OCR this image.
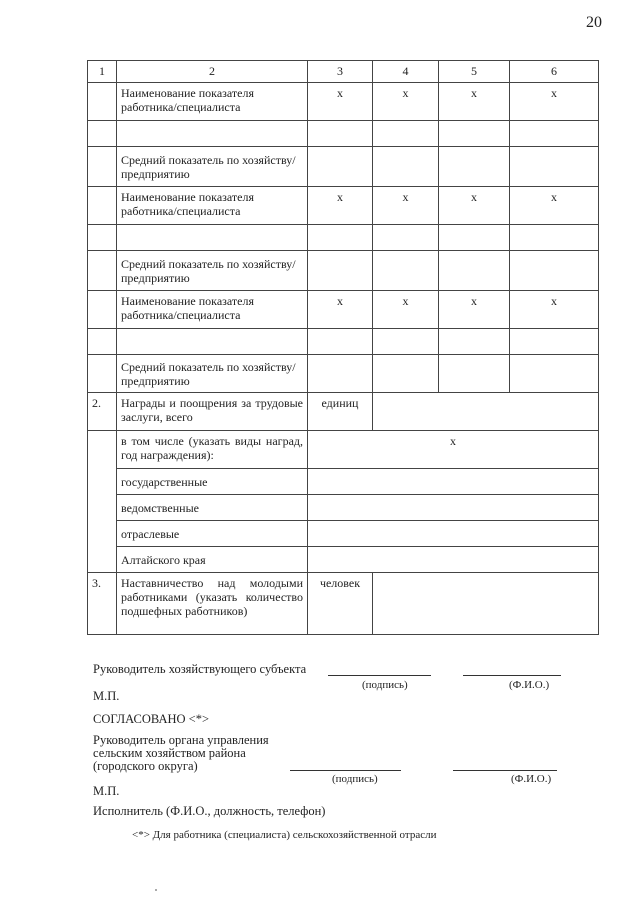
20
1	2	3	4	5	6
	Наименование показателя работника/специалиста	x	x	x	x

	Средний показатель по хозяйству/предприятию				
	Наименование показателя работника/специалиста	x	x	x	x

	Средний показатель по хозяйству/предприятию				
	Наименование показателя работника/специалиста	x	x	x	x

	Средний показатель по хозяйству/предприятию				
2.	Награды и поощрения за трудовые заслуги, всего	единиц			
	в том числе (указать виды наград, год награждения):	х			
	государственные				
	ведомственные				
	отраслевые				
	Алтайского края				
3.	Наставничество над молодыми работниками (указать количество подшефных работников)	человек			
Руководитель хозяйствующего субъекта
(подпись)	(Ф.И.О.)
М.П.
СОГЛАСОВАНО <*>
Руководитель органа управления
сельским хозяйством района
(городского округа)
(подпись)	(Ф.И.О.)
М.П.
Исполнитель (Ф.И.О., должность, телефон)
<*> Для работника (специалиста) сельскохозяйственной отрасли
